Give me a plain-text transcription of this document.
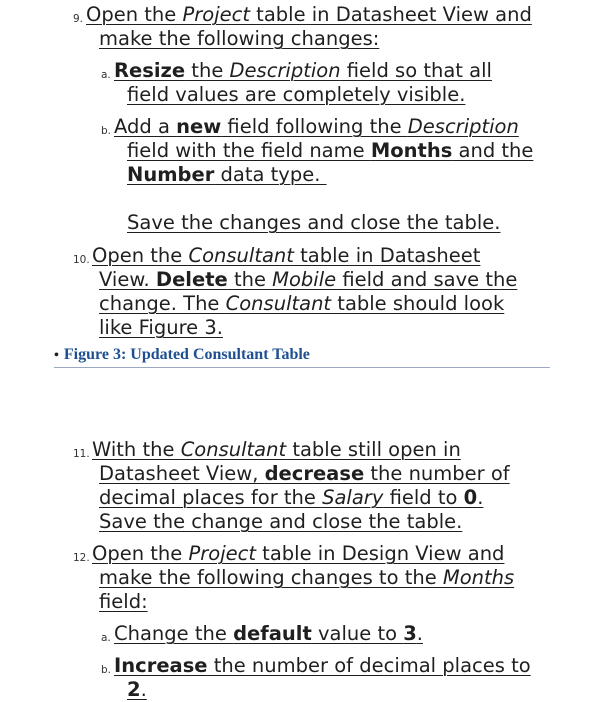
9. Open the Project table in Datasheet View and
make the following changes:
a. Resize the Description field so that all
field values are completely visible.
b. Add a new field following the Description
field with the field name Months and the
Number data type.
Save the changes and close the table.
10. Open the Consultant table in Datasheet
View. Delete the Mobile field and save the
change. The Consultant table should look
like Figure 3.
• Figure 3: Updated Consultant Table
11. With the Consultant table still open in
Datasheet View, decrease the number of
decimal places for the Salary field to 0.
Save the change and close the table.
12. Open the Project table in Design View and
make the following changes to the Months
field:
a. Change the default value to 3.
b. Increase the number of decimal places to
2.
